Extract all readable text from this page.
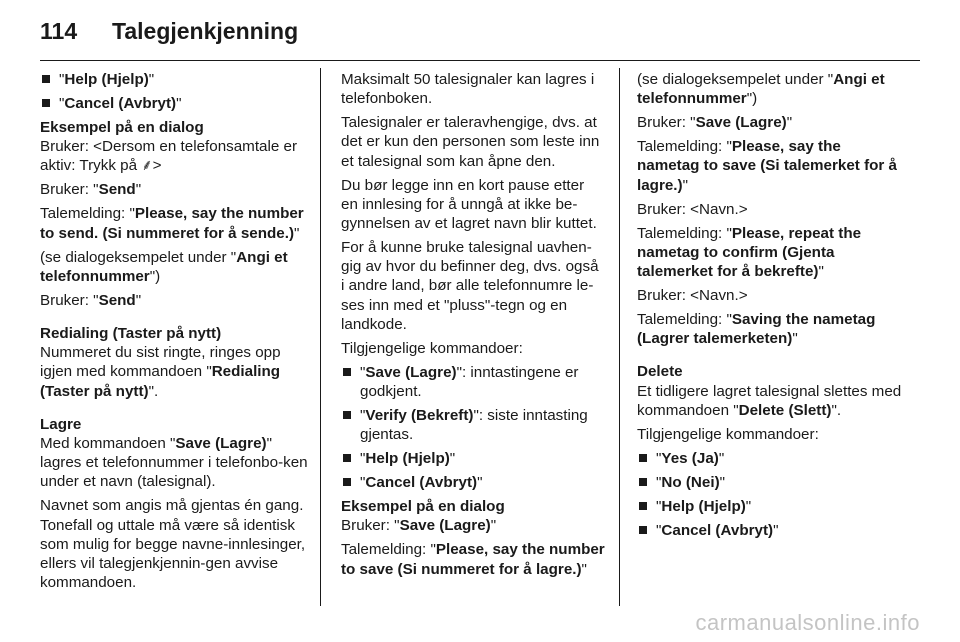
114	Talegjenkjenning
"Help (Hjelp)"
"Cancel (Avbryt)"
Eksempel på en dialog

Bruker: <Dersom en telefonsamtale er aktiv: Trykk på ⸙>

Bruker: "Send"

Talemelding: "Please, say the number to send. (Si nummeret for å sende.)"

(se dialogeksempelet under "Angi et telefonnummer")

Bruker: "Send"

Redialing (Taster på nytt)

Nummeret du sist ringte, ringes opp igjen med kommandoen "Redialing (Taster på nytt)".

Lagre

Med kommandoen "Save (Lagre)" lagres et telefonnummer i telefonbo-ken under et navn (talesignal).

Navnet som angis må gjentas én gang. Tonefall og uttale må være så identisk som mulig for begge navne-innlesinger, ellers vil talegjenkjennin-gen avvise kommandoen.

Maksimalt 50 talesignaler kan lagres i telefonboken.

Talesignaler er taleravhengige, dvs. at det er kun den personen som leste inn et talesignal som kan åpne den.

Du bør legge inn en kort pause etter en innlesing for å unngå at ikke be-gynnelsen av et lagret navn blir kuttet.

For å kunne bruke talesignal uavhen-gig av hvor du befinner deg, dvs. også i andre land, bør alle telefonnumre le-ses inn med et "pluss"-tegn og en landkode.

Tilgjengelige kommandoer:

"Save (Lagre)": inntastingene er godkjent.
"Verify (Bekreft)": siste inntasting gjentas.
"Help (Hjelp)"
"Cancel (Avbryt)"
Eksempel på en dialog

Bruker: "Save (Lagre)"

Talemelding: "Please, say the number to save (Si nummeret for å lagre.)"

(se dialogeksempelet under "Angi et telefonnummer")

Bruker: "Save (Lagre)"

Talemelding: "Please, say the nametag to save (Si talemerket for å lagre.)"

Bruker: <Navn.>

Talemelding: "Please, repeat the nametag to confirm (Gjenta talemerket for å bekrefte)"

Bruker: <Navn.>

Talemelding: "Saving the nametag (Lagrer talemerketen)"

Delete

Et tidligere lagret talesignal slettes med kommandoen "Delete (Slett)".

Tilgjengelige kommandoer:

"Yes (Ja)"
"No (Nei)"
"Help (Hjelp)"
"Cancel (Avbryt)"
carmanualsonline.info
